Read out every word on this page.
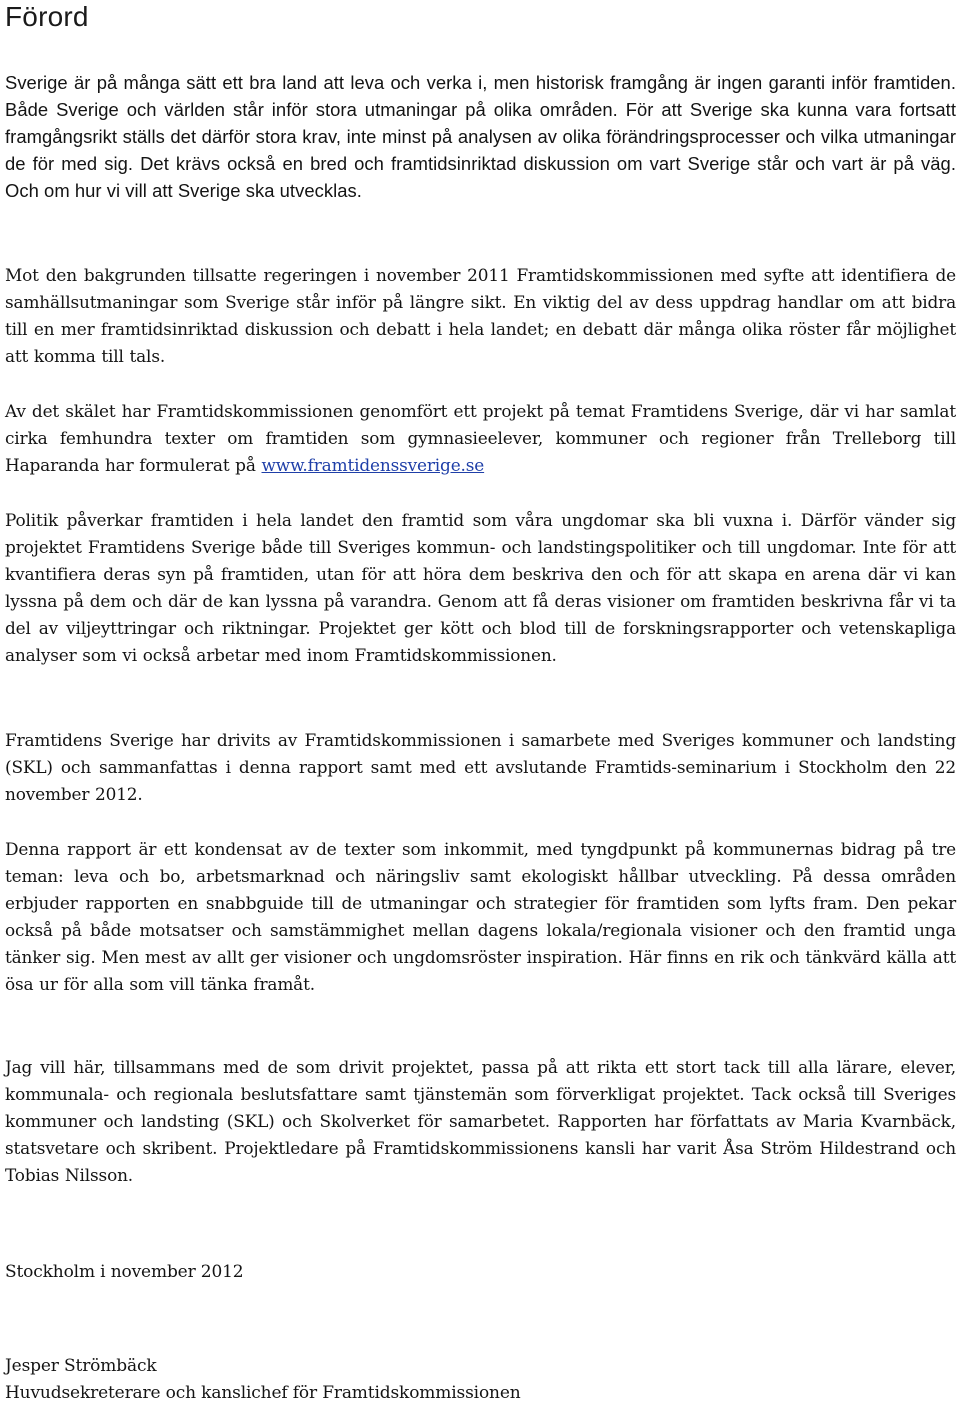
Förord

Sverige är på många sätt ett bra land att leva och verka i, men historisk framgång är ingen garanti inför framtiden. Både Sverige och världen står inför stora utmaningar på olika områden. För att Sverige ska kunna vara fortsatt framgångsrikt ställs det därför stora krav, inte minst på analysen av olika förändringsprocesser och vilka utmaningar de för med sig. Det krävs också en bred och framtidsinriktad diskussion om vart Sverige står och vart är på väg. Och om hur vi vill att Sverige ska utvecklas.

Mot den bakgrunden tillsatte regeringen i november 2011 Framtidskommissionen med syfte att identifiera de samhällsutmaningar som Sverige står inför på längre sikt. En viktig del av dess uppdrag handlar om att bidra till en mer framtidsinriktad diskussion och debatt i hela landet; en debatt där många olika röster får möjlighet att komma till tals.

Av det skälet har Framtidskommissionen genomfört ett projekt på temat Framtidens Sverige, där vi har samlat cirka femhundra texter om framtiden som gymnasieelever, kommuner och regioner från Trelleborg till Haparanda har formulerat på www.framtidenssverige.se

Politik påverkar framtiden i hela landet den framtid som våra ungdomar ska bli vuxna i. Därför vänder sig projektet Framtidens Sverige både till Sveriges kommun- och landstingspolitiker och till ungdomar. Inte för att kvantifiera deras syn på framtiden, utan för att höra dem beskriva den och för att skapa en arena där vi kan lyssna på dem och där de kan lyssna på varandra. Genom att få deras visioner om framtiden beskrivna får vi ta del av viljeyttringar och riktningar. Projektet ger kött och blod till de forskningsrapporter och vetenskapliga analyser som vi också arbetar med inom Framtidskommissionen.

Framtidens Sverige har drivits av Framtidskommissionen i samarbete med Sveriges kommuner och landsting (SKL) och sammanfattas i denna rapport samt med ett avslutande Framtids-seminarium i Stockholm den 22 november 2012.

Denna rapport är ett kondensat av de texter som inkommit, med tyngdpunkt på kommunernas bidrag på tre teman: leva och bo, arbetsmarknad och näringsliv samt ekologiskt hållbar utveckling. På dessa områden erbjuder rapporten en snabbguide till de utmaningar och strategier för framtiden som lyfts fram. Den pekar också på både motsatser och samstämmighet mellan dagens lokala/regionala visioner och den framtid unga tänker sig. Men mest av allt ger visioner och ungdomsröster inspiration. Här finns en rik och tänkvärd källa att ösa ur för alla som vill tänka framåt.

Jag vill här, tillsammans med de som drivit projektet, passa på att rikta ett stort tack till alla lärare, elever, kommunala- och regionala beslutsfattare samt tjänstemän som förverkligat projektet. Tack också till Sveriges kommuner och landsting (SKL) och Skolverket för samarbetet. Rapporten har författats av Maria Kvarnbäck, statsvetare och skribent. Projektledare på Framtidskommissionens kansli har varit Åsa Ström Hildestrand och Tobias Nilsson.

Stockholm i november 2012

Jesper Strömbäck

Huvudsekreterare och kanslichef för Framtidskommissionen
